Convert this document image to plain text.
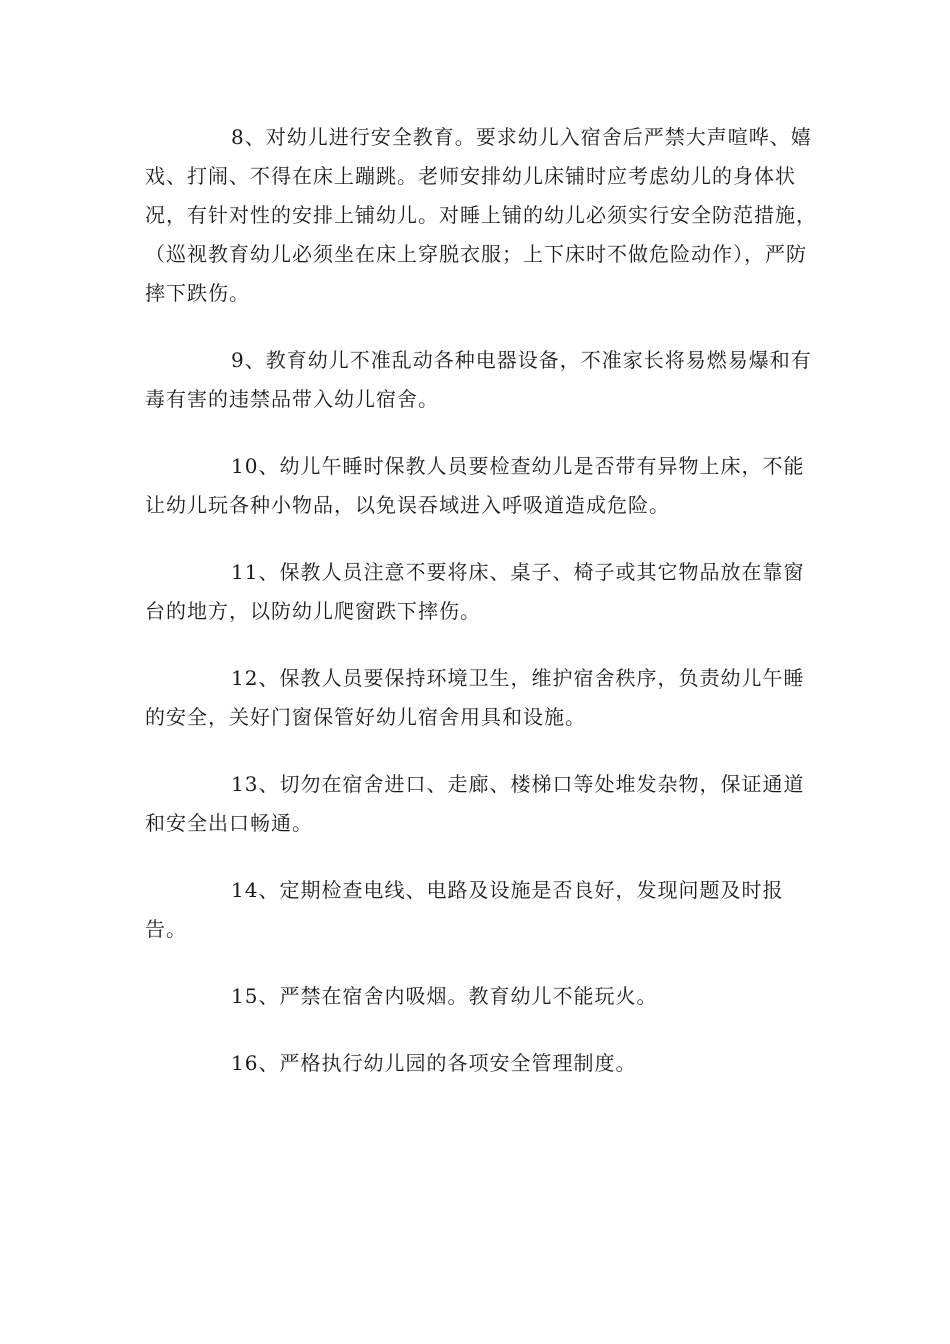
8、对幼儿进行安全教育。要求幼儿入宿舍后严禁大声喧哗、嬉戏、打闹、不得在床上蹦跳。老师安排幼儿床铺时应考虑幼儿的身体状况，有针对性的安排上铺幼儿。对睡上铺的幼儿必须实行安全防范措施，（巡视教育幼儿必须坐在床上穿脱衣服；上下床时不做危险动作），严防摔下跌伤。

9、教育幼儿不准乱动各种电器设备，不准家长将易燃易爆和有毒有害的违禁品带入幼儿宿舍。

10、幼儿午睡时保教人员要检查幼儿是否带有异物上床，不能让幼儿玩各种小物品，以免误吞域进入呼吸道造成危险。

11、保教人员注意不要将床、桌子、椅子或其它物品放在靠窗台的地方，以防幼儿爬窗跌下摔伤。

12、保教人员要保持环境卫生，维护宿舍秩序，负责幼儿午睡的安全，关好门窗保管好幼儿宿舍用具和设施。

13、切勿在宿舍进口、走廊、楼梯口等处堆发杂物，保证通道和安全出口畅通。

14、定期检查电线、电路及设施是否良好，发现问题及时报告。

15、严禁在宿舍内吸烟。教育幼儿不能玩火。

16、严格执行幼儿园的各项安全管理制度。
